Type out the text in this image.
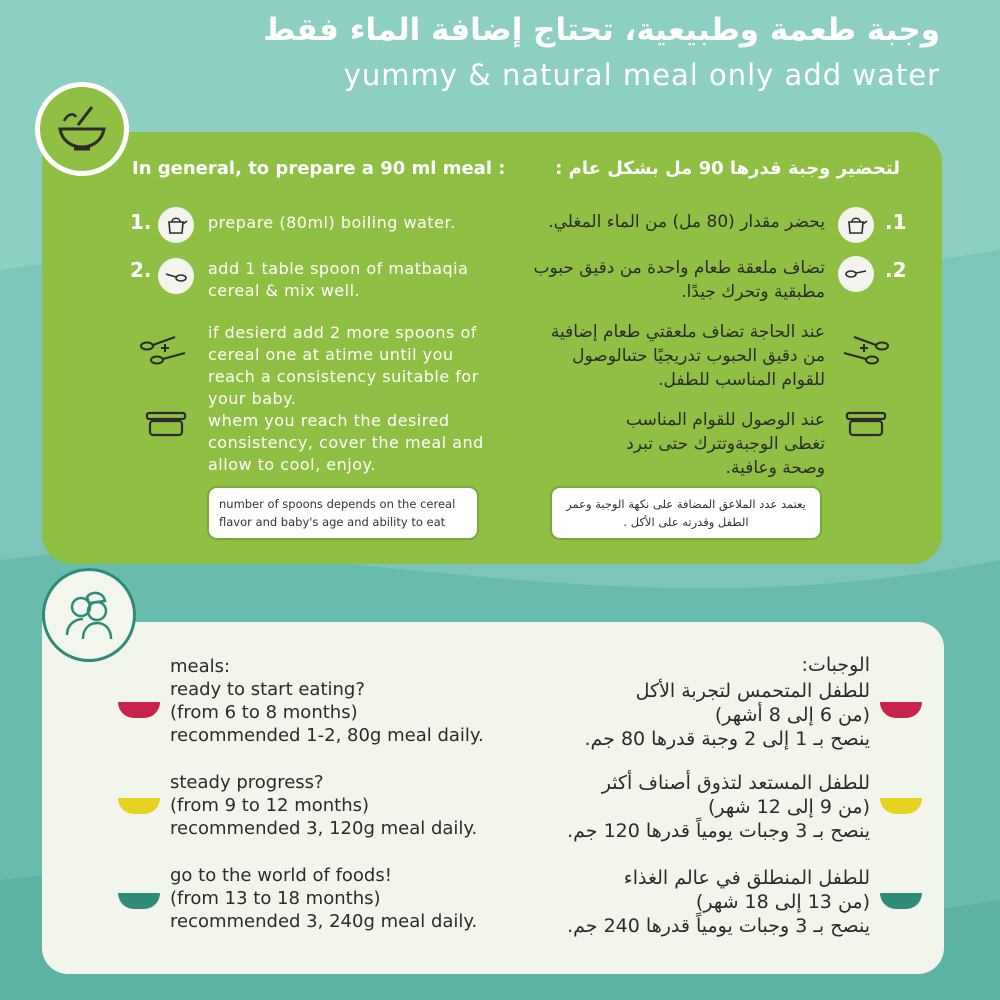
وجبة طعمة وطبيعية، تحتاج إضافة الماء فقط
yummy & natural meal only add water
In general, to prepare a 90 ml meal :	لتحضير وجبة قدرها 90 مل بشكل عام :
1.	prepare (80ml) boiling water.	.1
يحضر مقدار (80 مل) من الماء المغلي.
2.	add 1 table spoon of matbaqia cereal & mix well.
.2
تضاف ملعقة طعام واحدة من دقيق حبوب مطبقية وتحرك جيدًا.
if desierd add 2 more spoons of cereal one at atime until you reach a consistency suitable for your baby.
عند الحاجة تضاف ملعقتي طعام إضافية من دقيق الحبوب تدريجيًا حتىالوصول للقوام المناسب للطفل.
whem you reach the desired consistency, cover the meal and allow to cool, enjoy.
عند الوصول للقوام المناسب تغطى الوجبةوتترك حتى تبرد وصحة وعافية.
number of spoons depends on the cereal flavor and baby's age and ability to eat
يعتمد عدد الملاعق المضافة على نكهة الوجبة وعمر الطفل وقدرته على الأكل .
meals:	الوجبات:
ready to start eating?
(from 6 to 8 months)
recommended 1-2, 80g meal daily.
للطفل المتحمس لتجربة الأكل
(من 6 إلى 8 أشهر)
ينصح بـ 1 إلى 2 وجبة قدرها 80 جم.
steady progress?
(from 9 to 12 months)
recommended 3, 120g meal daily.
للطفل المستعد لتذوق أصناف أكثر
(من 9 إلى 12 شهر)
ينصح بـ 3 وجبات يومياً قدرها 120 جم.
go to the world of foods!
(from 13 to 18 months)
recommended 3, 240g meal daily.
للطفل المنطلق في عالم الغذاء
(من 13 إلى 18 شهر)
ينصح بـ 3 وجبات يومياً قدرها 240 جم.
